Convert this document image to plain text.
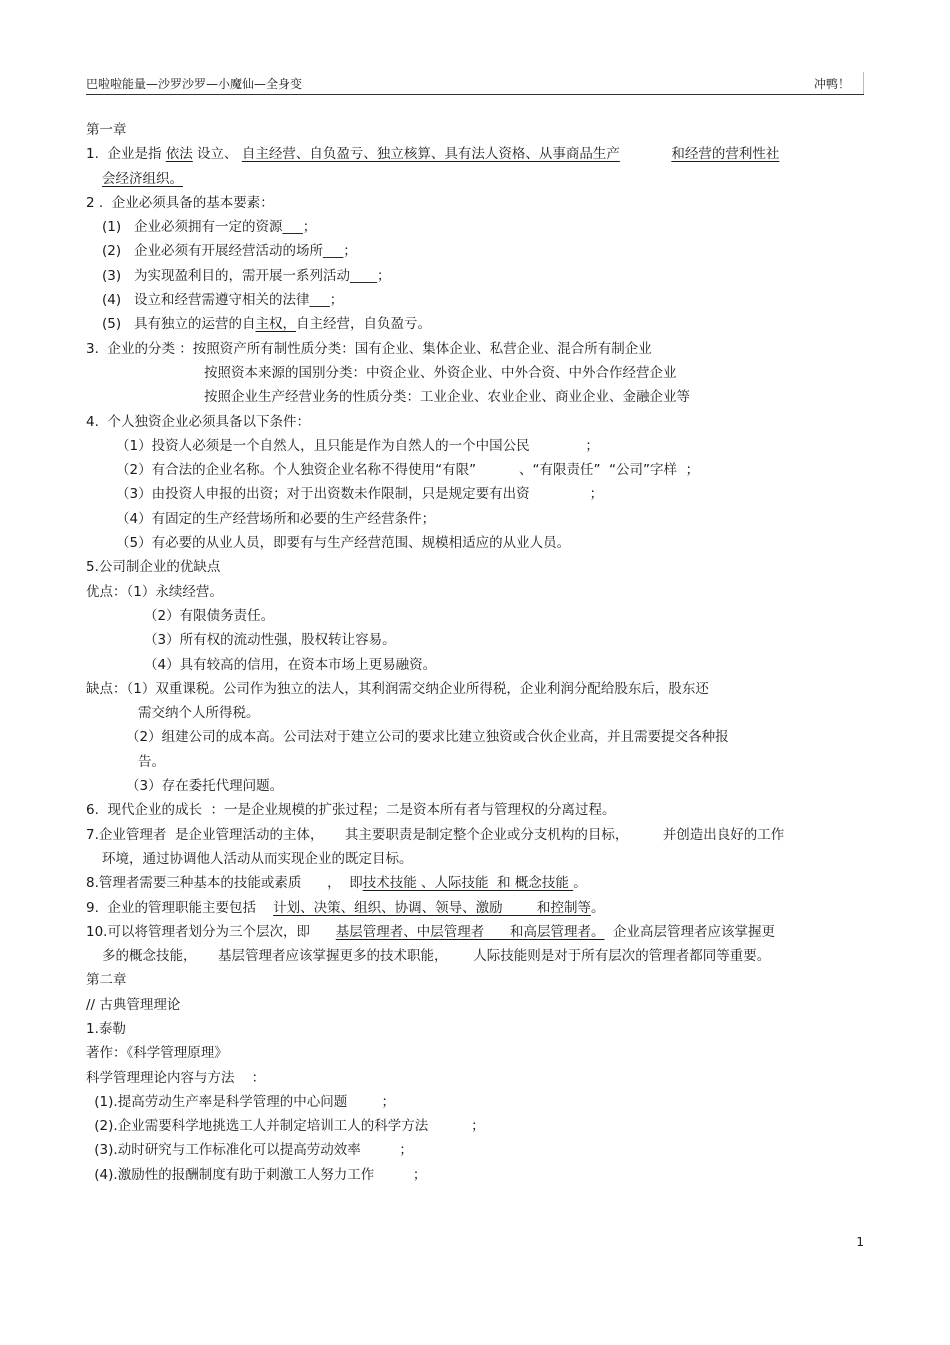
巴啦啦能量—沙罗沙罗—小魔仙—全身变	冲鸭！
第一章
1.  企业是指 依法 设立、 自主经营、自负盈亏、独立核算、具有法人资格、从事商品生产	和经营的营利性社
会经济组织。
2 .  企业必须具备的基本要素：
(1)   企业必须拥有一定的资源___；
(2)   企业必须有开展经营活动的场所___；
(3)   为实现盈利目的，需开展一系列活动____；
(4)   设立和经营需遵守相关的法律___；
(5)   具有独立的运营的自主权，自主经营，自负盈亏。
3.  企业的分类 ：按照资产所有制性质分类：国有企业、集体企业、私营企业、混合所有制企业
按照资本来源的国别分类：中资企业、外资企业、中外合资、中外合作经营企业
按照企业生产经营业务的性质分类：工业企业、农业企业、商业企业、金融企业等
4.  个人独资企业必须具备以下条件：
（1）投资人必须是一个自然人，且只能是作为自然人的一个中国公民             ；
（2）有合法的企业名称。个人独资企业名称不得使用“有限”          、“有限责任”  “公司”字样  ；
（3）由投资人申报的出资；对于出资数未作限制，只是规定要有出资              ；
（4）有固定的生产经营场所和必要的生产经营条件；
（5）有必要的从业人员，即要有与生产经营范围、规模相适应的从业人员。
5.公司制企业的优缺点
优点：（1）永续经营。
（2）有限债务责任。
（3）所有权的流动性强，股权转让容易。
（4）具有较高的信用，在资本市场上更易融资。
缺点：（1）双重课税。公司作为独立的法人，其利润需交纳企业所得税，企业利润分配给股东后，股东还
需交纳个人所得税。
（2）组建公司的成本高。公司法对于建立公司的要求比建立独资或合伙企业高，并且需要提交各种报
告。
（3）存在委托代理问题。
6.  现代企业的成长  ：一是企业规模的扩张过程；二是资本所有者与管理权的分离过程。
7.企业管理者  是企业管理活动的主体，     其主要职责是制定整个企业或分支机构的目标，        并创造出良好的工作
环境，通过协调他人活动从而实现企业的既定目标。
8.管理者需要三种基本的技能或素质      ，  即技术技能 、人际技能  和 概念技能 。
9.  企业的管理职能主要包括    计划、决策、组织、协调、领导、激励        和控制等。
10.可以将管理者划分为三个层次，即      基层管理者、中层管理者      和高层管理者。  企业高层管理者应该掌握更
多的概念技能，     基层管理者应该掌握更多的技术职能，      人际技能则是对于所有层次的管理者都同等重要。
第二章
// 古典管理理论
1.泰勒
著作：《科学管理原理》
科学管理理论内容与方法    ：
(1).提高劳动生产率是科学管理的中心问题        ；
(2).企业需要科学地挑选工人并制定培训工人的科学方法          ；
(3).动时研究与工作标准化可以提高劳动效率         ；
(4).激励性的报酬制度有助于刺激工人努力工作         ；
1
